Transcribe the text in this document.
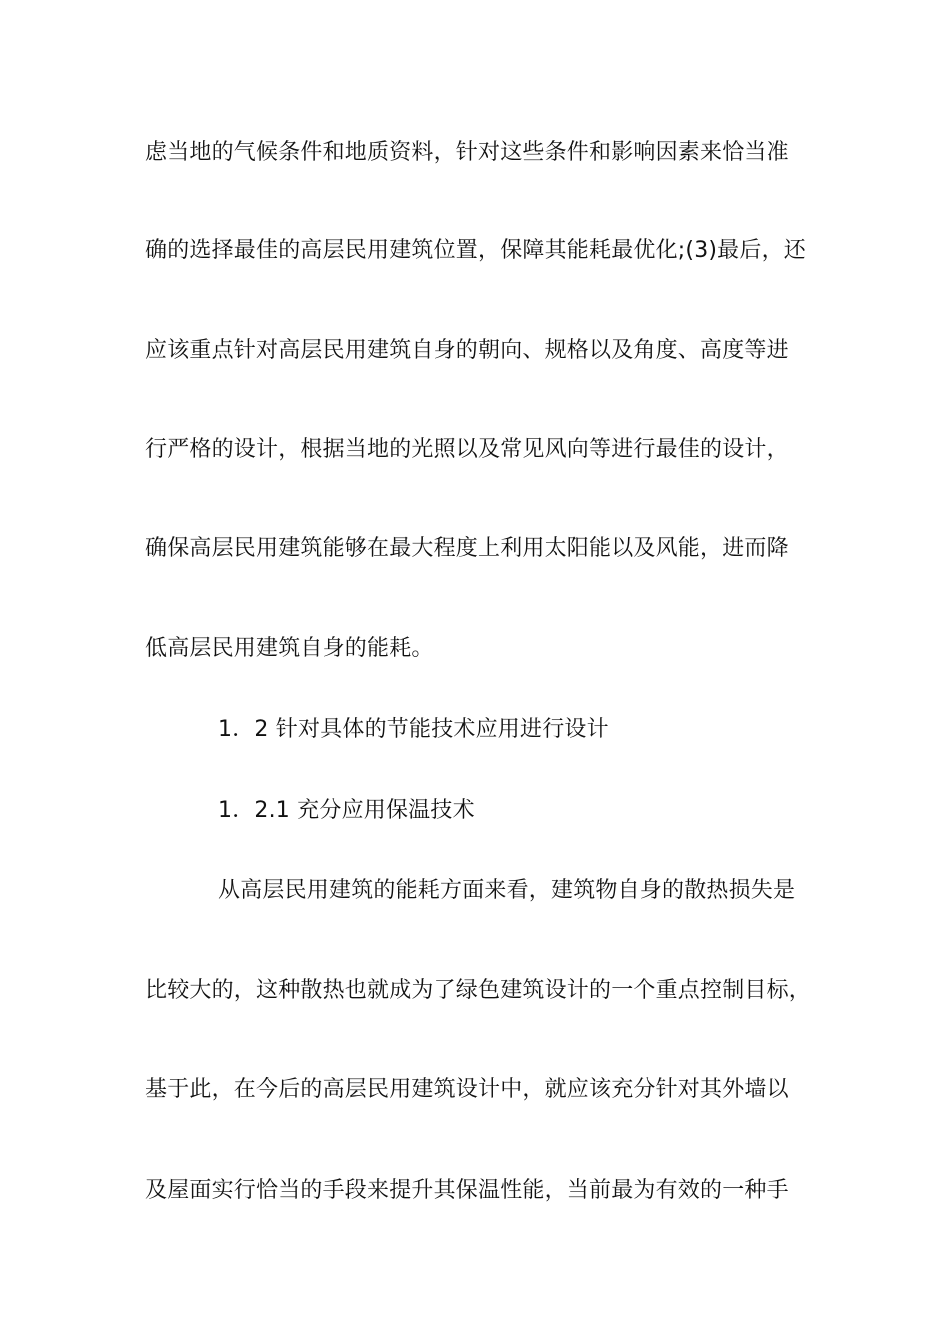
虑当地的气候条件和地质资料，针对这些条件和影响因素来恰当准
确的选择最佳的高层民用建筑位置，保障其能耗最优化;(3)最后，还
应该重点针对高层民用建筑自身的朝向、规格以及角度、高度等进
行严格的设计，根据当地的光照以及常见风向等进行最佳的设计，
确保高层民用建筑能够在最大程度上利用太阳能以及风能，进而降
低高层民用建筑自身的能耗。
1．2 针对具体的节能技术应用进行设计
1．2.1 充分应用保温技术
从高层民用建筑的能耗方面来看，建筑物自身的散热损失是
比较大的，这种散热也就成为了绿色建筑设计的一个重点控制目标，
基于此，在今后的高层民用建筑设计中，就应该充分针对其外墙以
及屋面实行恰当的手段来提升其保温性能，当前最为有效的一种手
